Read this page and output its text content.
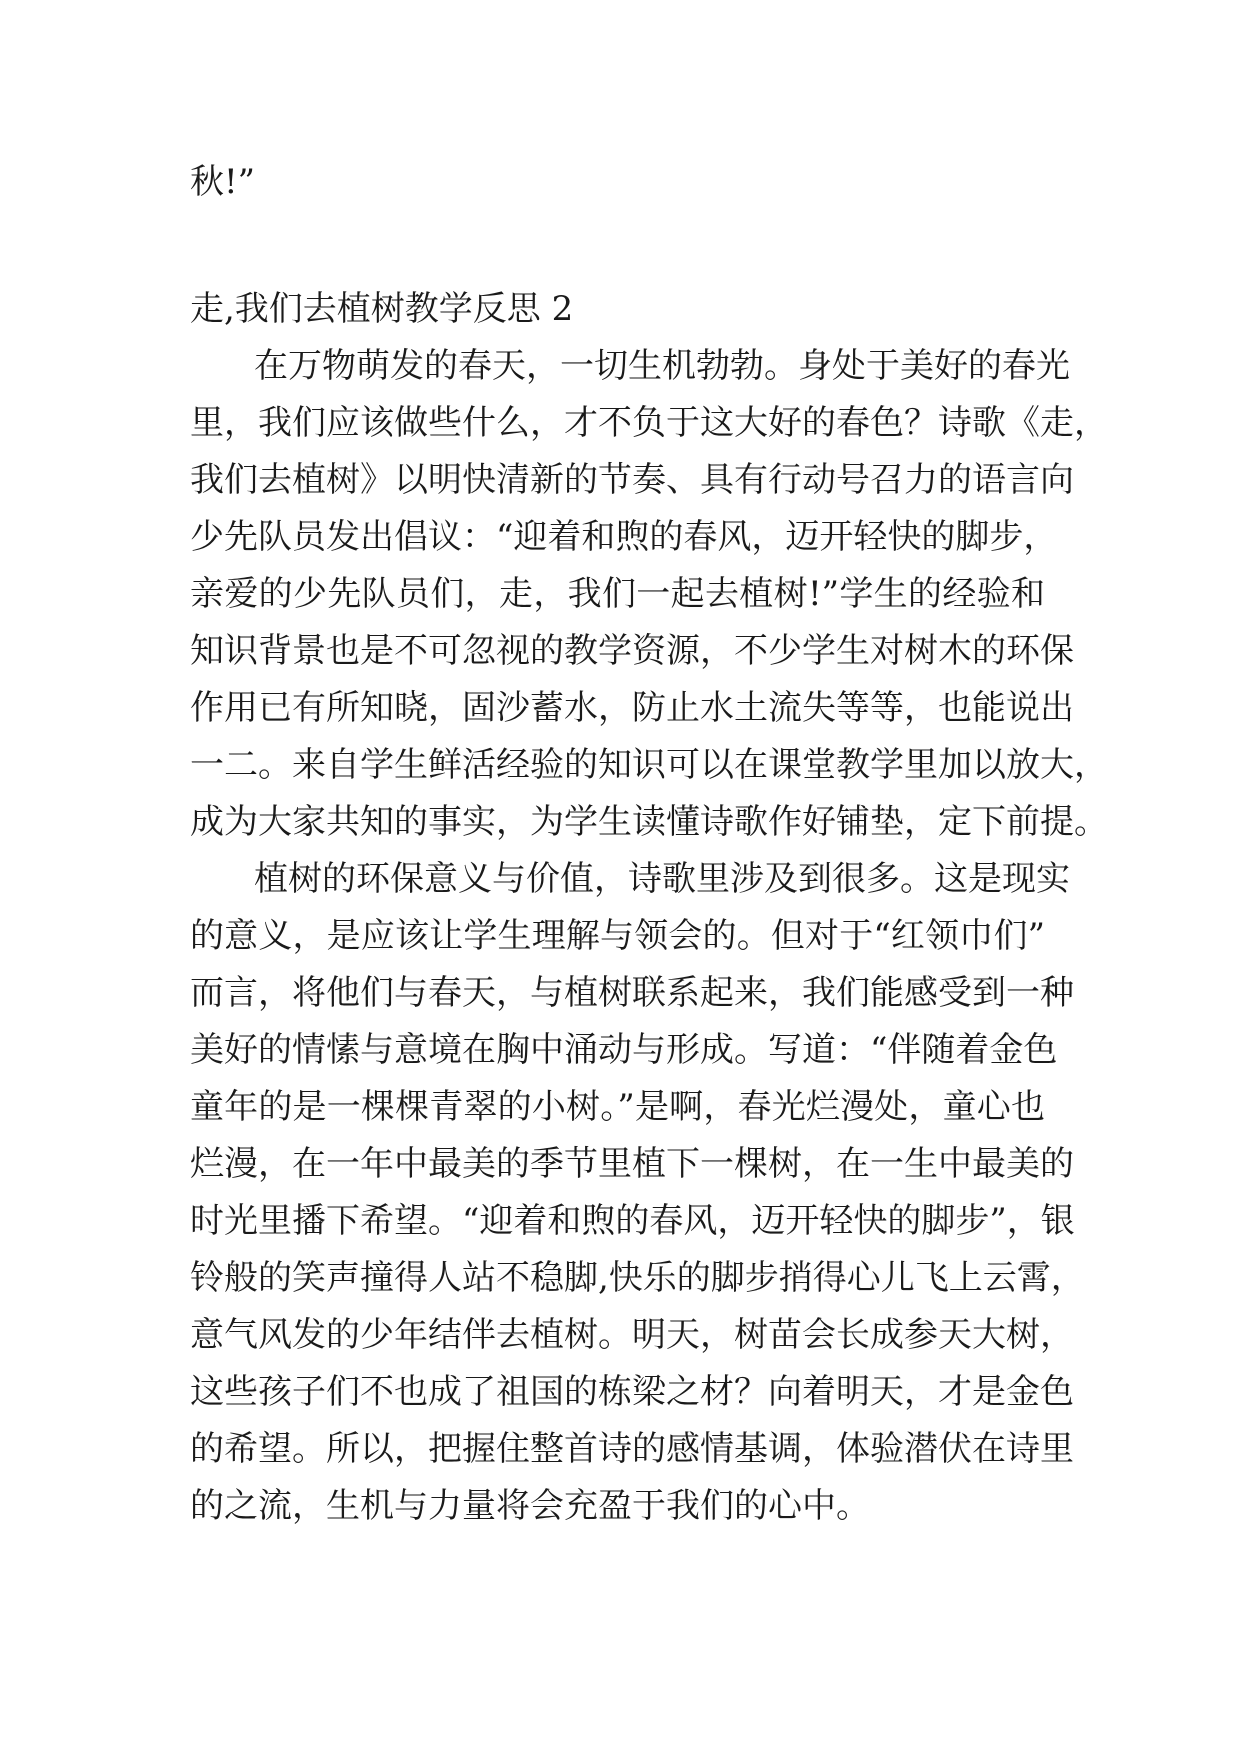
秋!”

走,我们去植树教学反思 2

在万物萌发的春天，一切生机勃勃。身处于美好的春光

里，我们应该做些什么，才不负于这大好的春色？诗歌《走，

我们去植树》以明快清新的节奏、具有行动号召力的语言向

少先队员发出倡议：“迎着和煦的春风，迈开轻快的脚步，

亲爱的少先队员们，走，我们一起去植树!”学生的经验和

知识背景也是不可忽视的教学资源，不少学生对树木的环保

作用已有所知晓，固沙蓄水，防止水土流失等等，也能说出

一二。来自学生鲜活经验的知识可以在课堂教学里加以放大，

成为大家共知的事实，为学生读懂诗歌作好铺垫，定下前提。

植树的环保意义与价值，诗歌里涉及到很多。这是现实

的意义，是应该让学生理解与领会的。但对于“红领巾们”

而言，将他们与春天，与植树联系起来，我们能感受到一种

美好的情愫与意境在胸中涌动与形成。写道：“伴随着金色

童年的是一棵棵青翠的小树。”是啊，春光烂漫处，童心也

烂漫，在一年中最美的季节里植下一棵树，在一生中最美的

时光里播下希望。“迎着和煦的春风，迈开轻快的脚步”，银

铃般的笑声撞得人站不稳脚,快乐的脚步捎得心儿飞上云霄，

意气风发的少年结伴去植树。明天，树苗会长成参天大树，

这些孩子们不也成了祖国的栋梁之材？向着明天，才是金色

的希望。所以，把握住整首诗的感情基调，体验潜伏在诗里

的之流，生机与力量将会充盈于我们的心中。
